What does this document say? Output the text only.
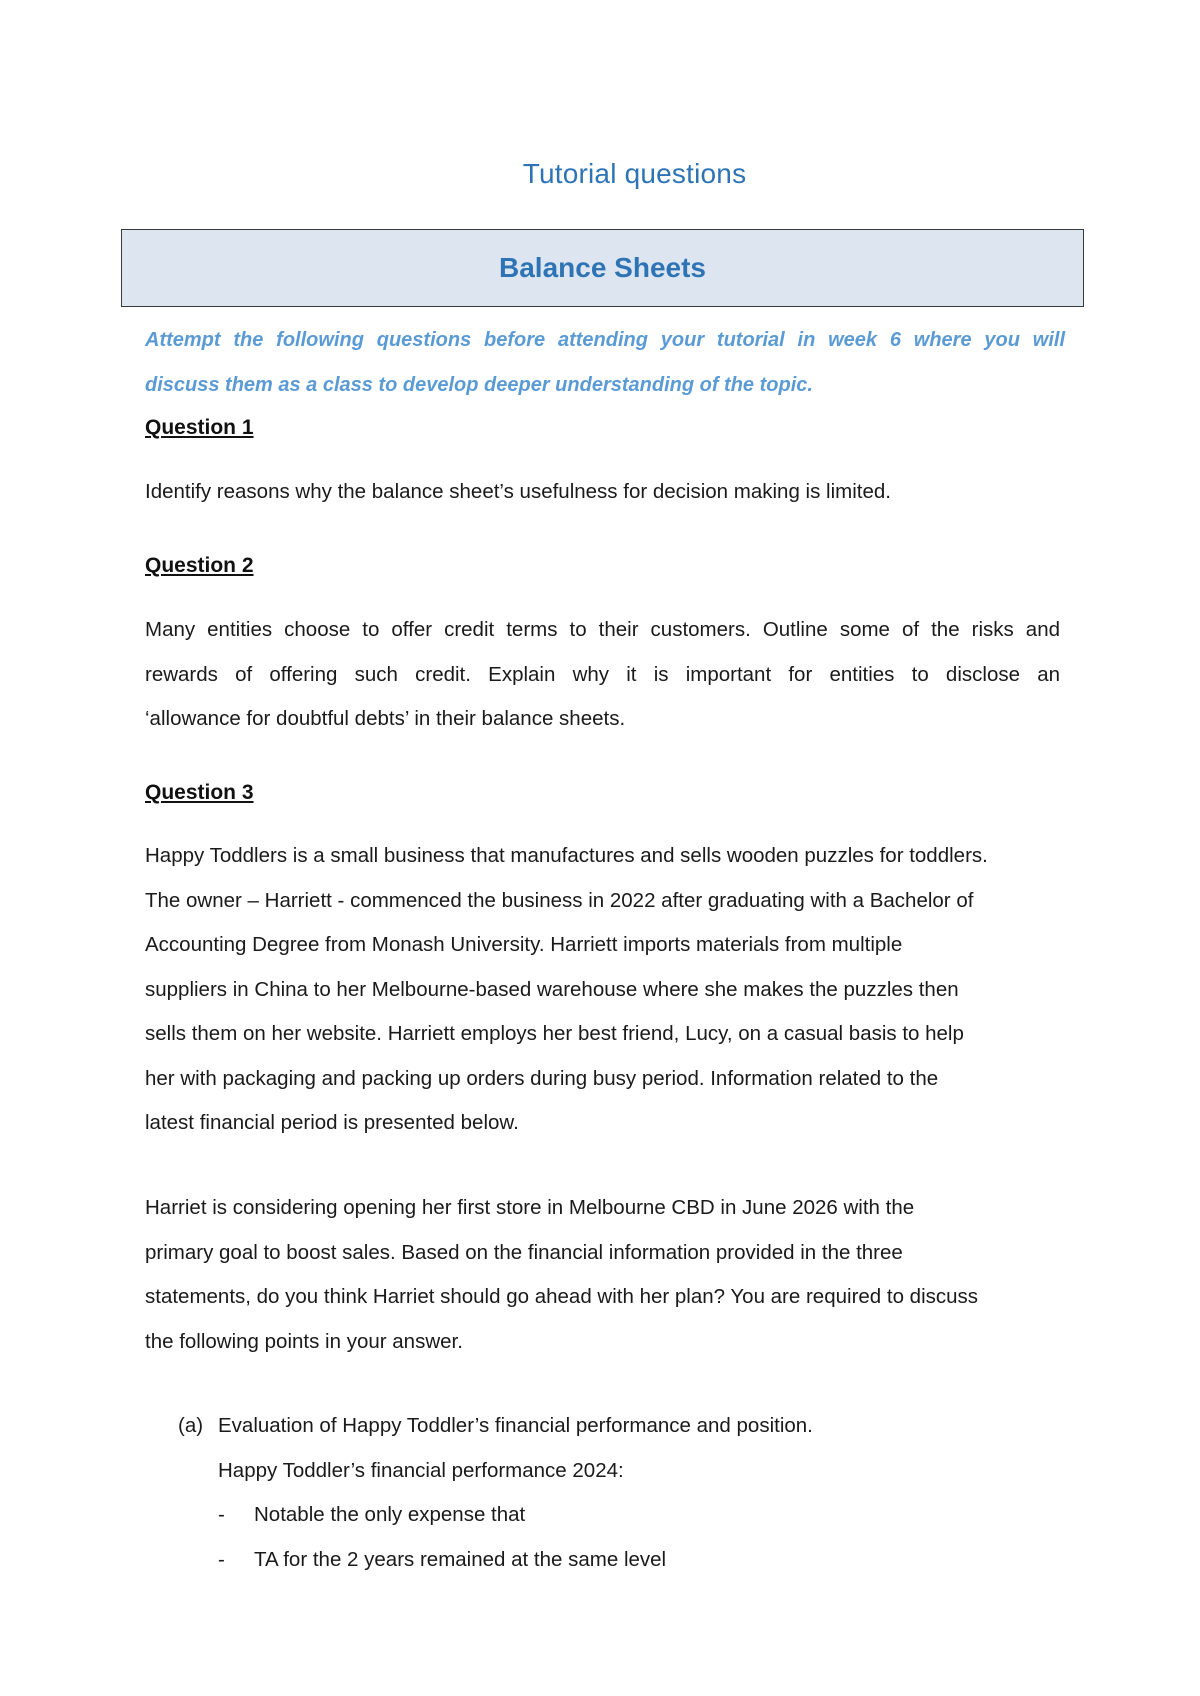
Tutorial questions
Balance Sheets
Attempt the following questions before attending your tutorial in week 6 where you will
discuss them as a class to develop deeper understanding of the topic.
Question 1
Identify reasons why the balance sheet’s usefulness for decision making is limited.
Question 2
Many entities choose to offer credit terms to their customers. Outline some of the risks and
rewards of offering such credit. Explain why it is important for entities to disclose an
‘allowance for doubtful debts’ in their balance sheets.
Question 3
Happy Toddlers is a small business that manufactures and sells wooden puzzles for toddlers.
The owner – Harriett - commenced the business in 2022 after graduating with a Bachelor of
Accounting Degree from Monash University. Harriett imports materials from multiple
suppliers in China to her Melbourne-based warehouse where she makes the puzzles then
sells them on her website. Harriett employs her best friend, Lucy, on a casual basis to help
her with packaging and packing up orders during busy period. Information related to the
latest financial period is presented below.
Harriet is considering opening her first store in Melbourne CBD in June 2026 with the
primary goal to boost sales. Based on the financial information provided in the three
statements, do you think Harriet should go ahead with her plan? You are required to discuss
the following points in your answer.
(a) Evaluation of Happy Toddler’s financial performance and position.
Happy Toddler’s financial performance 2024:
-	Notable the only expense that
-	TA for the 2 years remained at the same level
